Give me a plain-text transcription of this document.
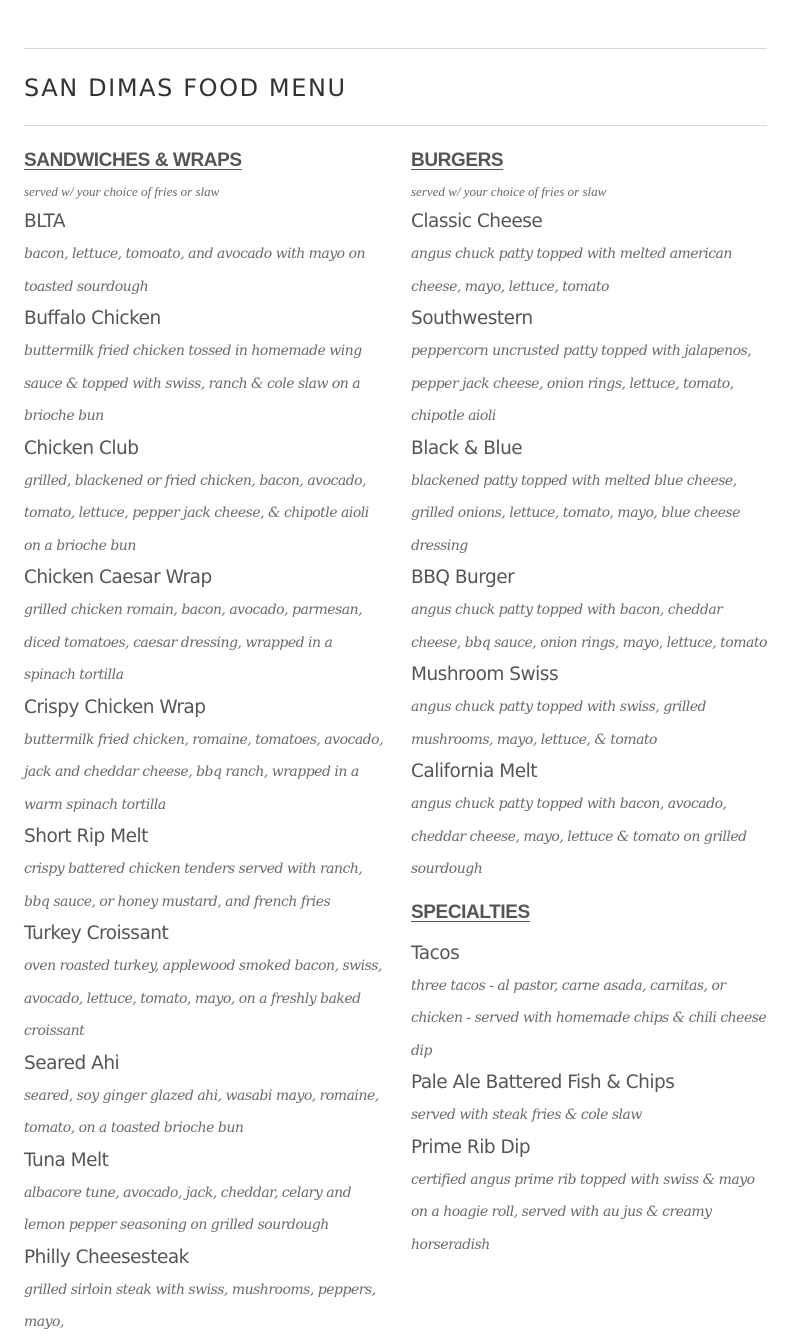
SAN DIMAS FOOD MENU
SANDWICHES & WRAPS

served w/ your choice of fries or slaw

BLTA
bacon, lettuce, tomoato, and avocado with mayo on toasted sourdough
Buffalo Chicken
buttermilk fried chicken tossed in homemade wing sauce & topped with swiss, ranch & cole slaw on a brioche bun
Chicken Club
grilled, blackened or fried chicken, bacon, avocado, tomato, lettuce, pepper jack cheese, & chipotle aioli on a brioche bun
Chicken Caesar Wrap
grilled chicken romain, bacon, avocado, parmesan, diced tomatoes, caesar dressing, wrapped in a spinach tortilla
Crispy Chicken Wrap
buttermilk fried chicken, romaine, tomatoes, avocado, jack and cheddar cheese, bbq ranch, wrapped in a warm spinach tortilla
Short Rip Melt
crispy battered chicken tenders served with ranch, bbq sauce, or honey mustard, and french fries
Turkey Croissant
oven roasted turkey, applewood smoked bacon, swiss, avocado, lettuce, tomato, mayo, on a freshly baked croissant
Seared Ahi
seared, soy ginger glazed ahi, wasabi mayo, romaine, tomato, on a toasted brioche bun
Tuna Melt
albacore tune, avocado, jack, cheddar, celary and lemon pepper seasoning on grilled sourdough
Philly Cheesesteak
grilled sirloin steak with swiss, mushrooms, peppers, mayo,
BURGERS

served w/ your choice of fries or slaw

Classic Cheese
angus chuck patty topped with melted american cheese, mayo, lettuce, tomato
Southwestern
peppercorn uncrusted patty topped with jalapenos, pepper jack cheese, onion rings, lettuce, tomato, chipotle aioli
Black & Blue
blackened patty topped with melted blue cheese, grilled onions, lettuce, tomato, mayo, blue cheese dressing
BBQ Burger
angus chuck patty topped with bacon, cheddar cheese, bbq sauce, onion rings, mayo, lettuce, tomato
Mushroom Swiss
angus chuck patty topped with swiss, grilled mushrooms, mayo, lettuce, & tomato
California Melt
angus chuck patty topped with bacon, avocado, cheddar cheese, mayo, lettuce & tomato on grilled sourdough
SPECIALTIES
Tacos
three tacos - al pastor, carne asada, carnitas, or chicken - served with homemade chips & chili cheese dip
Pale Ale Battered Fish & Chips
served with steak fries & cole slaw
Prime Rib Dip
certified angus prime rib topped with swiss & mayo on a hoagie roll, served with au jus & creamy horseradish
